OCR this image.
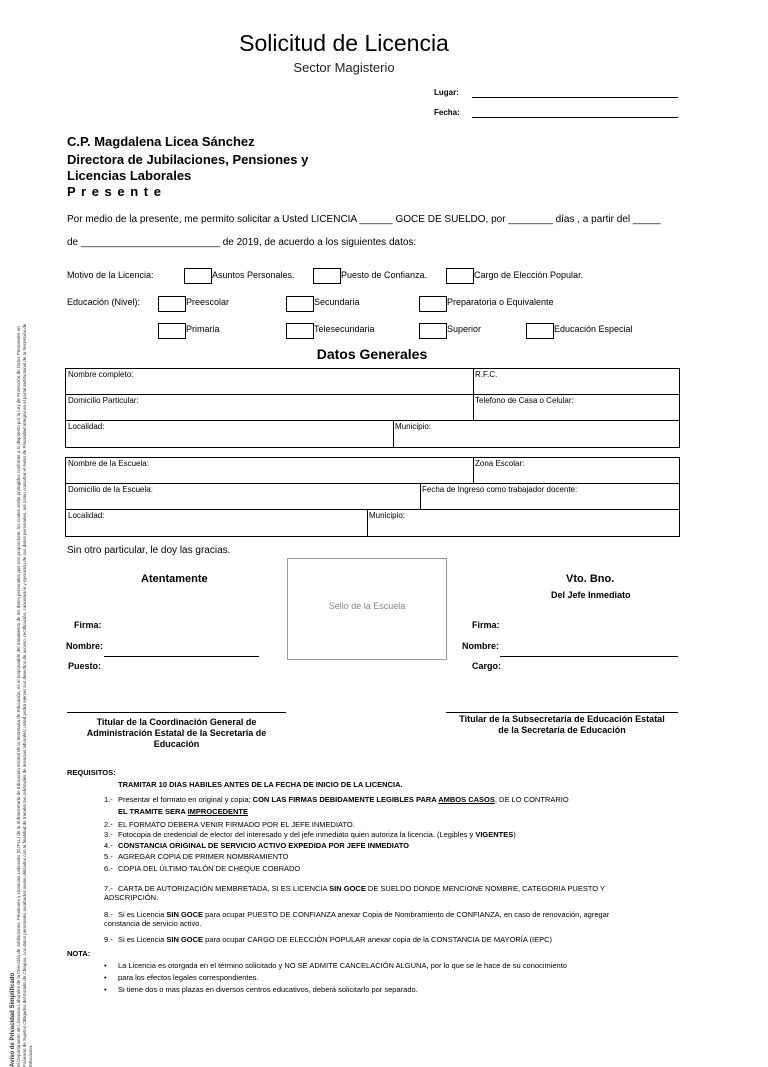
Aviso de Privacidad Simplificado El Departamento de Licencias Laborales de la Dirección de Jubilaciones, Pensiones y Licencias Laborales (DJPLL) de la Subsecretaría de Educación Estatal de la Secretaría de Educación, es el responsable del tratamiento de los datos personales que nos proporcione, los cuales serán protegidos conforme a lo dispuesto por la Ley de Protección de Datos Personales en Posesión de Sujetos Obligados del Estado de Chiapas. Los datos personales recabados serán utilizados con la finalidad de tramitar las solicitudes de licencias laborales; usted podrá ejercer sus derechos de acceso, rectificación, cancelación y oposición de sus datos personales, así como consultar el Aviso de Privacidad Integral en el portal institucional de la Secretaría de Educación.
Solicitud de Licencia
Sector Magisterio
Lugar:
Fecha:
C.P. Magdalena Licea Sánchez
Directora de Jubilaciones, Pensiones y
Licencias Laborales
P r e s e n t e
Por medio de la presente, me permito solicitar a Usted LICENCIA ______ GOCE DE SUELDO, por ________ días , a partir del _____
de _________________________ de 2019, de acuerdo a los siguientes datos:
Motivo de la Licencia:	Asuntos Personales.	Puesto de Confianza.	Cargo de Elección Popular.
Educación (Nivel):	Preescolar	Secundaria	Preparatoria o Equivalente
Primaria	Telesecundaria	Superior	Educación Especial
Datos Generales
Nombre completo:	R.F.C.
Domicilio Particular:	Telefono de Casa o Celular:
Localidad:	Municipio:
Nombre de la Escuela:	Zona Escolar:
Domicilio de la Escuela:	Fecha de Ingreso como trabajador docente:
Localidad:	Municipio:
Sin otro particular, le doy las gracias.
Atentamente
Sello de la Escuela
Vto. Bno.
Del Jefe Inmediato
Firma:
Nombre:
Puesto:
Firma:
Nombre:
Cargo:
Titular de la Coordinación General de
Administración Estatal de la Secretaría de
Educación
Titular de la Subsecretaría de Educación Estatal
de la Secretaría de Educación
REQUISITOS:
TRAMITAR 10 DIAS HABILES ANTES DE LA FECHA DE INICIO DE LA LICENCIA.
1.- Presentar el formato en original y copia; CON LAS FIRMAS DEBIDAMENTE LEGIBLES PARA AMBOS CASOS, DE LO CONTRARIO
EL TRAMITE SERA IMPROCEDENTE
2.- EL FORMATO DEBERA VENIR FIRMADO POR EL JEFE INMEDIATO.
3.- Fotocopia de credencial de elector del interesado y del jefe inmediato quien autoriza la licencia. (Legibles y VIGENTES)
4.- CONSTANCIA ORIGINAL DE SERVICIO ACTIVO EXPEDIDA POR JEFE INMEDIATO
5.- AGREGAR COPIA DE PRIMER NOMBRAMIENTO
6.- COPIA DEL ÚLTIMO TALÓN DE CHEQUE COBRADO
7.- CARTA DE AUTORIZACIÓN MEMBRETADA, SI ES LICENCIA SIN GOCE DE SUELDO DONDE MENCIONE NOMBRE, CATEGORIA PUESTO Y ADSCRIPCIÓN.
8.- Si es Licencia SIN GOCE para ocupar PUESTO DE CONFIANZA anexar Copia de Nombramiento de CONFIANZA, en caso de renovación, agregar constancia de servicio activo.
9.- Si es Licencia SIN GOCE para ocupar CARGO DE ELECCIÓN POPULAR anexar copia de la CONSTANCIA DE MAYORÍA (IEPC)
NOTA:
• La Licencia es otorgada en el término solicitado y NO SE ADMITE CANCELACIÓN ALGUNA, por lo que se le hace de su conocimiento
• para los efectos legales correspondientes.
• Si tiene dos o mas plazas en diversos centros educativos, deberá solicitarlo por separado.
